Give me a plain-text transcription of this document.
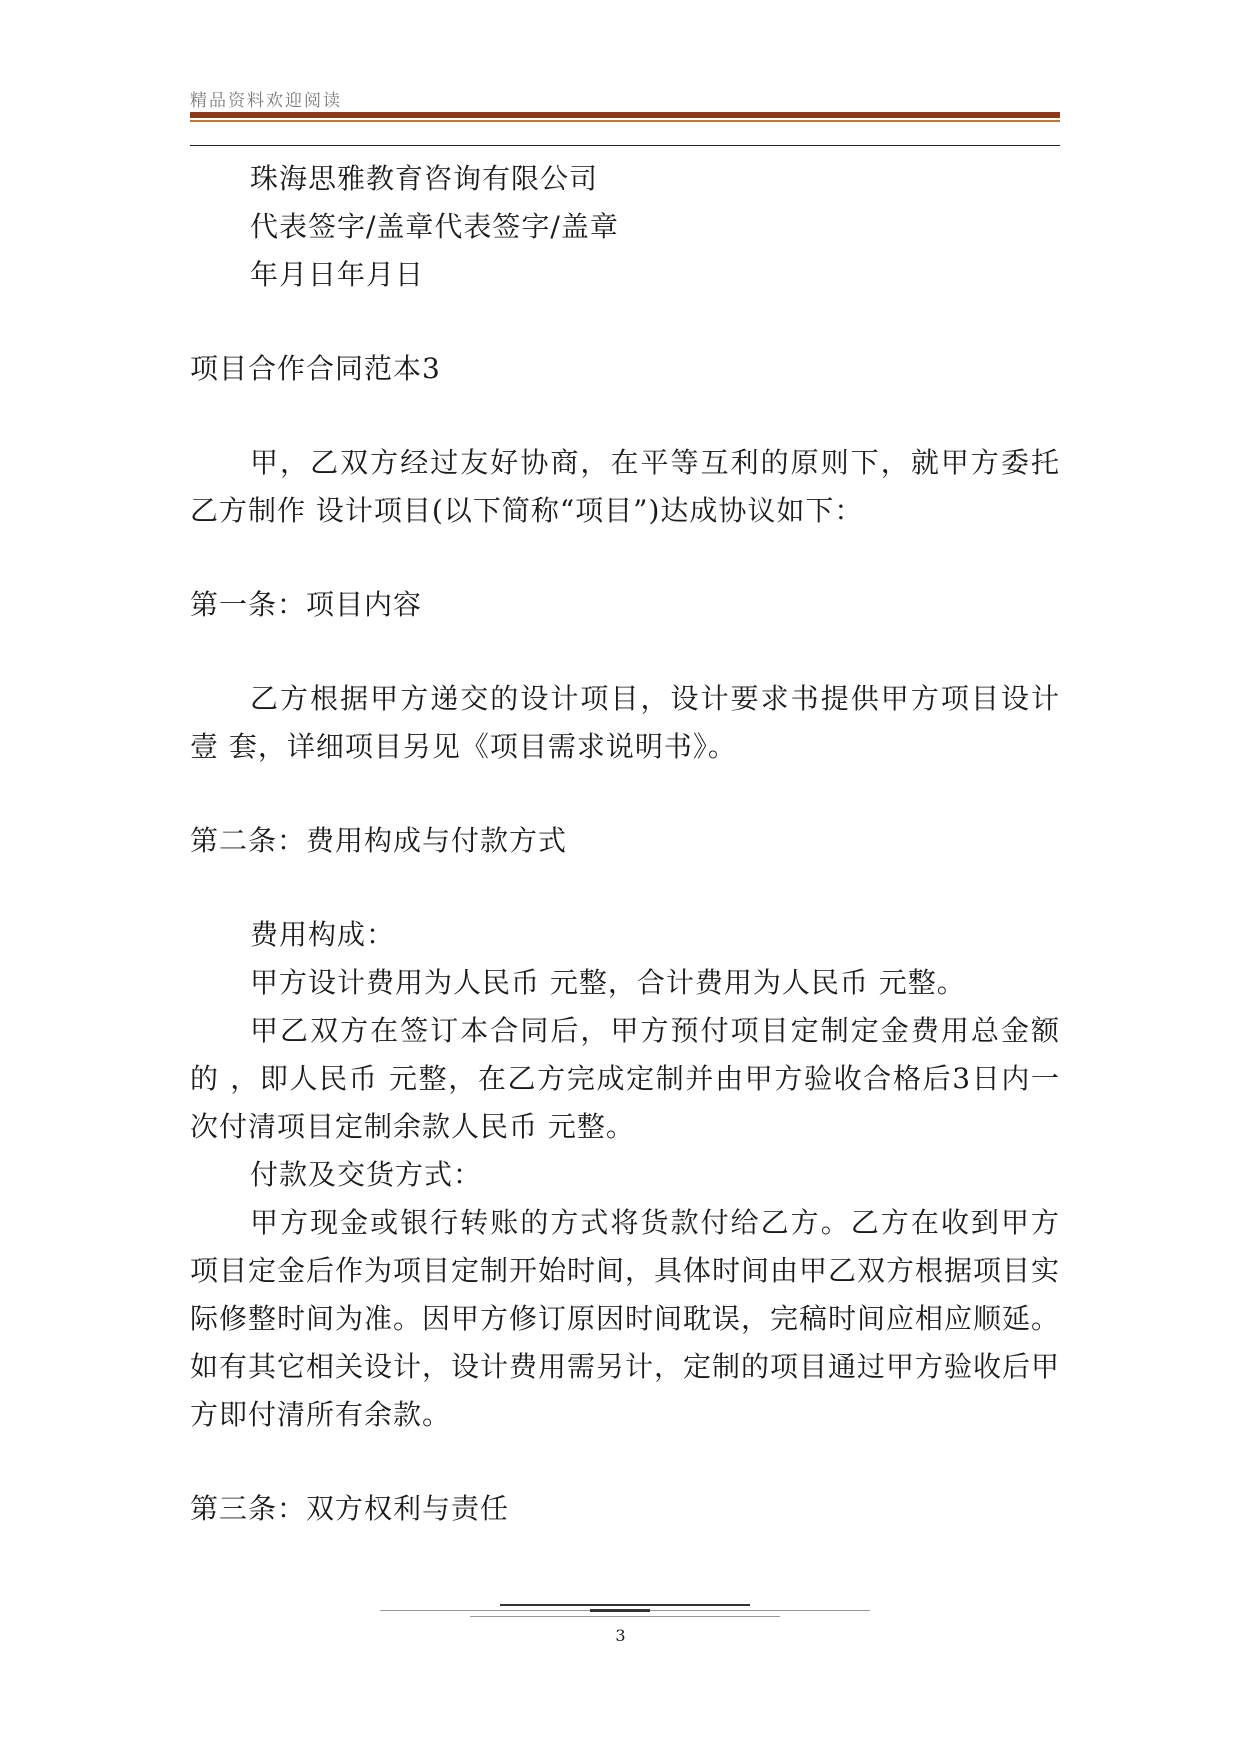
精品资料欢迎阅读

珠海思雅教育咨询有限公司

代表签字/盖章代表签字/盖章

年月日年月日

项目合作合同范本3

甲，乙双方经过友好协商，在平等互利的原则下，就甲方委托乙方制作 设计项目(以下简称“项目”)达成协议如下：

第一条：项目内容

乙方根据甲方递交的设计项目，设计要求书提供甲方项目设计壹 套，详细项目另见《项目需求说明书》。

第二条：费用构成与付款方式

费用构成：

甲方设计费用为人民币 元整，合计费用为人民币 元整。

甲乙双方在签订本合同后，甲方预付项目定制定金费用总金额的 ，即人民币 元整，在乙方完成定制并由甲方验收合格后3日内一次付清项目定制余款人民币 元整。

付款及交货方式：

甲方现金或银行转账的方式将货款付给乙方。乙方在收到甲方项目定金后作为项目定制开始时间，具体时间由甲乙双方根据项目实际修整时间为准。因甲方修订原因时间耽误，完稿时间应相应顺延。如有其它相关设计，设计费用需另计，定制的项目通过甲方验收后甲方即付清所有余款。

第三条：双方权利与责任

3
